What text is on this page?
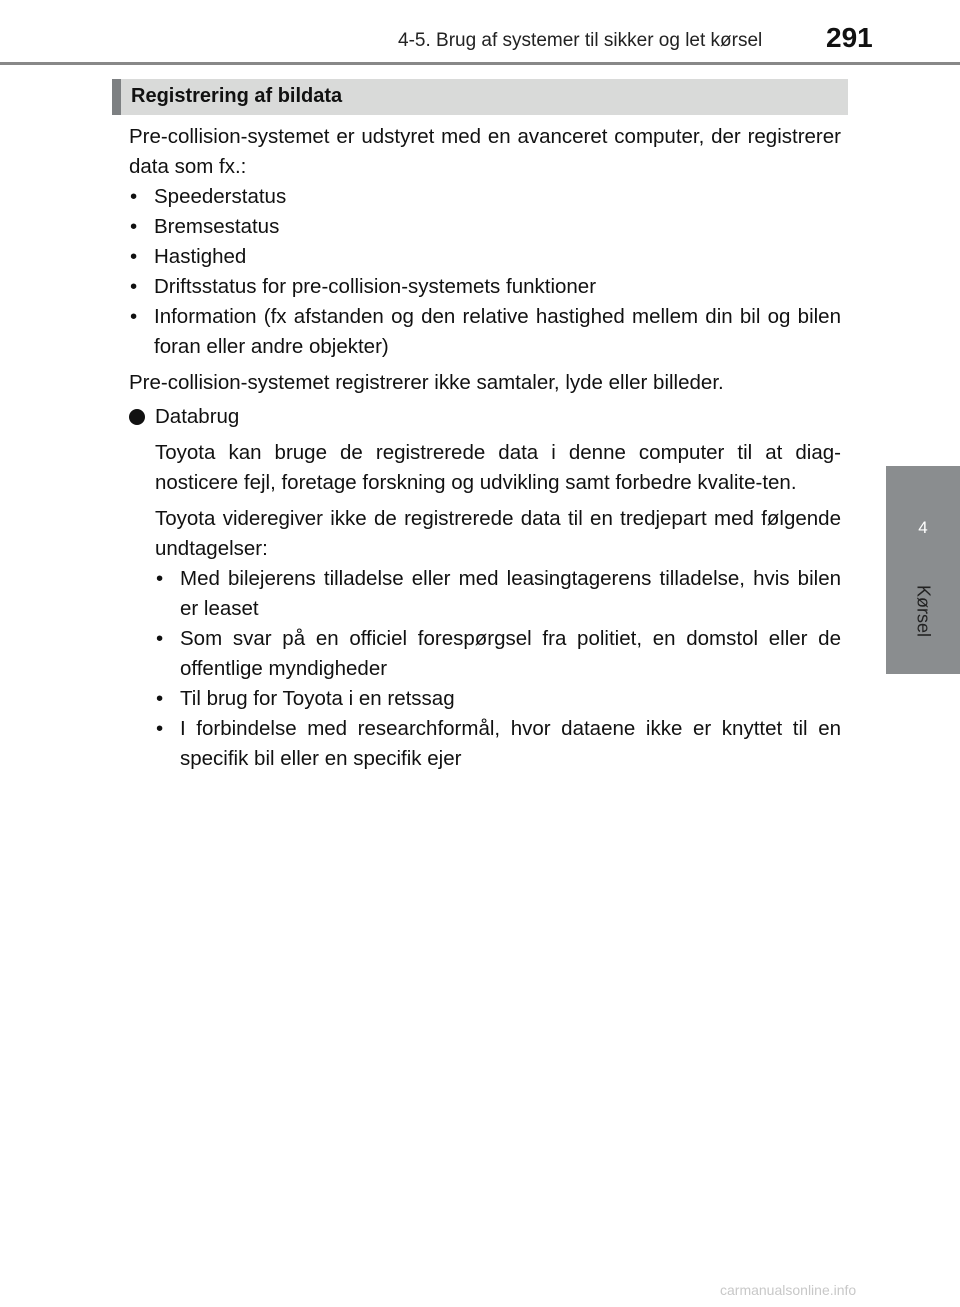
4-5. Brug af systemer til sikker og let kørsel	291
4
Kørsel
Registrering af bildata

Pre-collision-systemet er udstyret med en avanceret computer, der registrerer data som fx.:

• Speederstatus
• Bremsestatus
• Hastighed
• Driftsstatus for pre-collision-systemets funktioner
• Information (fx afstanden og den relative hastighed mellem din bil og bilen foran eller andre objekter)

Pre-collision-systemet registrerer ikke samtaler, lyde eller billeder.

Databrug

Toyota kan bruge de registrerede data i denne computer til at diag-nosticere fejl, foretage forskning og udvikling samt forbedre kvalite-ten.

Toyota videregiver ikke de registrerede data til en tredjepart med følgende undtagelser:

• Med bilejerens tilladelse eller med leasingtagerens tilladelse, hvis bilen er leaset
• Som svar på en officiel forespørgsel fra politiet, en domstol eller de offentlige myndigheder
• Til brug for Toyota i en retssag
• I forbindelse med researchformål, hvor dataene ikke er knyttet til en specifik bil eller en specifik ejer
carmanualsonline.info
